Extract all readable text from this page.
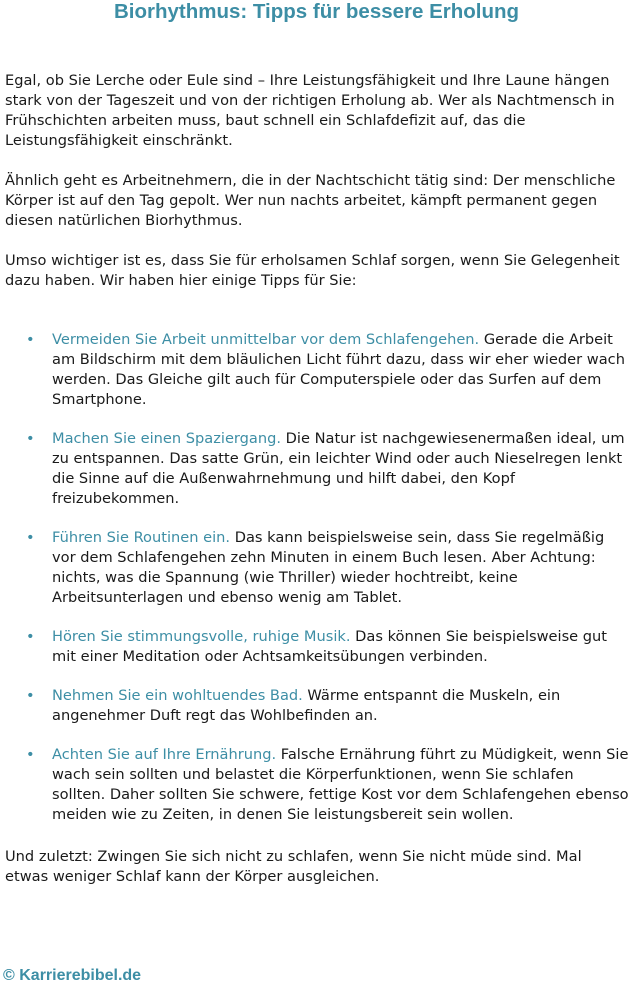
Biorhythmus: Tipps für bessere Erholung

Egal, ob Sie Lerche oder Eule sind – Ihre Leistungsfähigkeit und Ihre Laune hängen stark von der Tageszeit und von der richtigen Erholung ab. Wer als Nachtmensch in Frühschichten arbeiten muss, baut schnell ein Schlafdefizit auf, das die Leistungsfähigkeit einschränkt.

Ähnlich geht es Arbeitnehmern, die in der Nachtschicht tätig sind: Der menschliche Körper ist auf den Tag gepolt. Wer nun nachts arbeitet, kämpft permanent gegen diesen natürlichen Biorhythmus.

Umso wichtiger ist es, dass Sie für erholsamen Schlaf sorgen, wenn Sie Gelegenheit dazu haben. Wir haben hier einige Tipps für Sie:

• Vermeiden Sie Arbeit unmittelbar vor dem Schlafengehen. Gerade die Arbeit am Bildschirm mit dem bläulichen Licht führt dazu, dass wir eher wieder wach werden. Das Gleiche gilt auch für Computerspiele oder das Surfen auf dem Smartphone.
• Machen Sie einen Spaziergang. Die Natur ist nachgewiesenermaßen ideal, um zu entspannen. Das satte Grün, ein leichter Wind oder auch Nieselregen lenkt die Sinne auf die Außenwahrnehmung und hilft dabei, den Kopf freizubekommen.
• Führen Sie Routinen ein. Das kann beispielsweise sein, dass Sie regelmäßig vor dem Schlafengehen zehn Minuten in einem Buch lesen. Aber Achtung: nichts, was die Spannung (wie Thriller) wieder hochtreibt, keine Arbeitsunterlagen und ebenso wenig am Tablet.
• Hören Sie stimmungsvolle, ruhige Musik. Das können Sie beispielsweise gut mit einer Meditation oder Achtsamkeitsübungen verbinden.
• Nehmen Sie ein wohltuendes Bad. Wärme entspannt die Muskeln, ein angenehmer Duft regt das Wohlbefinden an.
• Achten Sie auf Ihre Ernährung. Falsche Ernährung führt zu Müdigkeit, wenn Sie wach sein sollten und belastet die Körperfunktionen, wenn Sie schlafen sollten. Daher sollten Sie schwere, fettige Kost vor dem Schlafengehen ebenso meiden wie zu Zeiten, in denen Sie leistungsbereit sein wollen.

Und zuletzt: Zwingen Sie sich nicht zu schlafen, wenn Sie nicht müde sind. Mal etwas weniger Schlaf kann der Körper ausgleichen.

© Karrierebibel.de
